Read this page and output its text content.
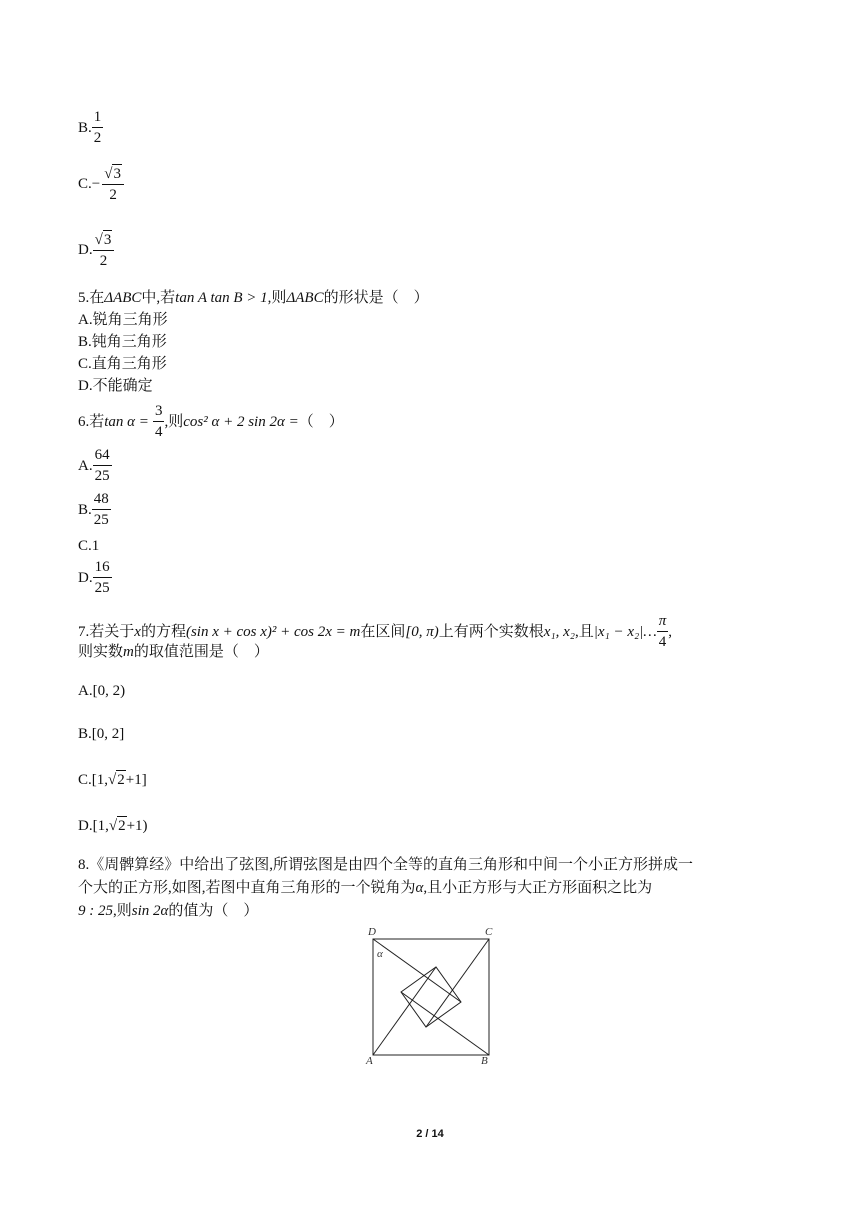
B. $\frac{1}{2}$
$C.- \frac{√ 3}{2}$
D. $\frac{√ 3}{2}$
5.在ΔABC中,若tan A tan B > 1,则ΔABC的形状是（　）
A.锐角三角形
B.钝角三角形
C.直角三角形
D.不能确定
6.若$\tan \alpha = \frac{3}{4}$ ,则cos² α + 2 sin 2α =（　）
A. $\frac{64}{25}$
B. $\frac{48}{25}$
C.1
D. $\frac{16}{25}$
7.若关于x的方程(sin x + cos x)² + cos 2x = m在区间[0, π)上有两个实数根x₁, x₂,且|x₁ − x₂|… $\frac{\pi}{4}$ ,
则实数m的取值范围是（　）
A.[0, 2)
B.[0, 2]
C.[1, √ 2 +1]
D.[1, √ 2 +1)
8.《周髀算经》中给出了弦图,所谓弦图是由四个全等的直角三角形和中间一个小正方形拼成一
个大的正方形,如图,若图中直角三角形的一个锐角为α,且小正方形与大正方形面积之比为
9 : 25,则sin 2α的值为（　）
D	C
A	B
α
2 / 14
